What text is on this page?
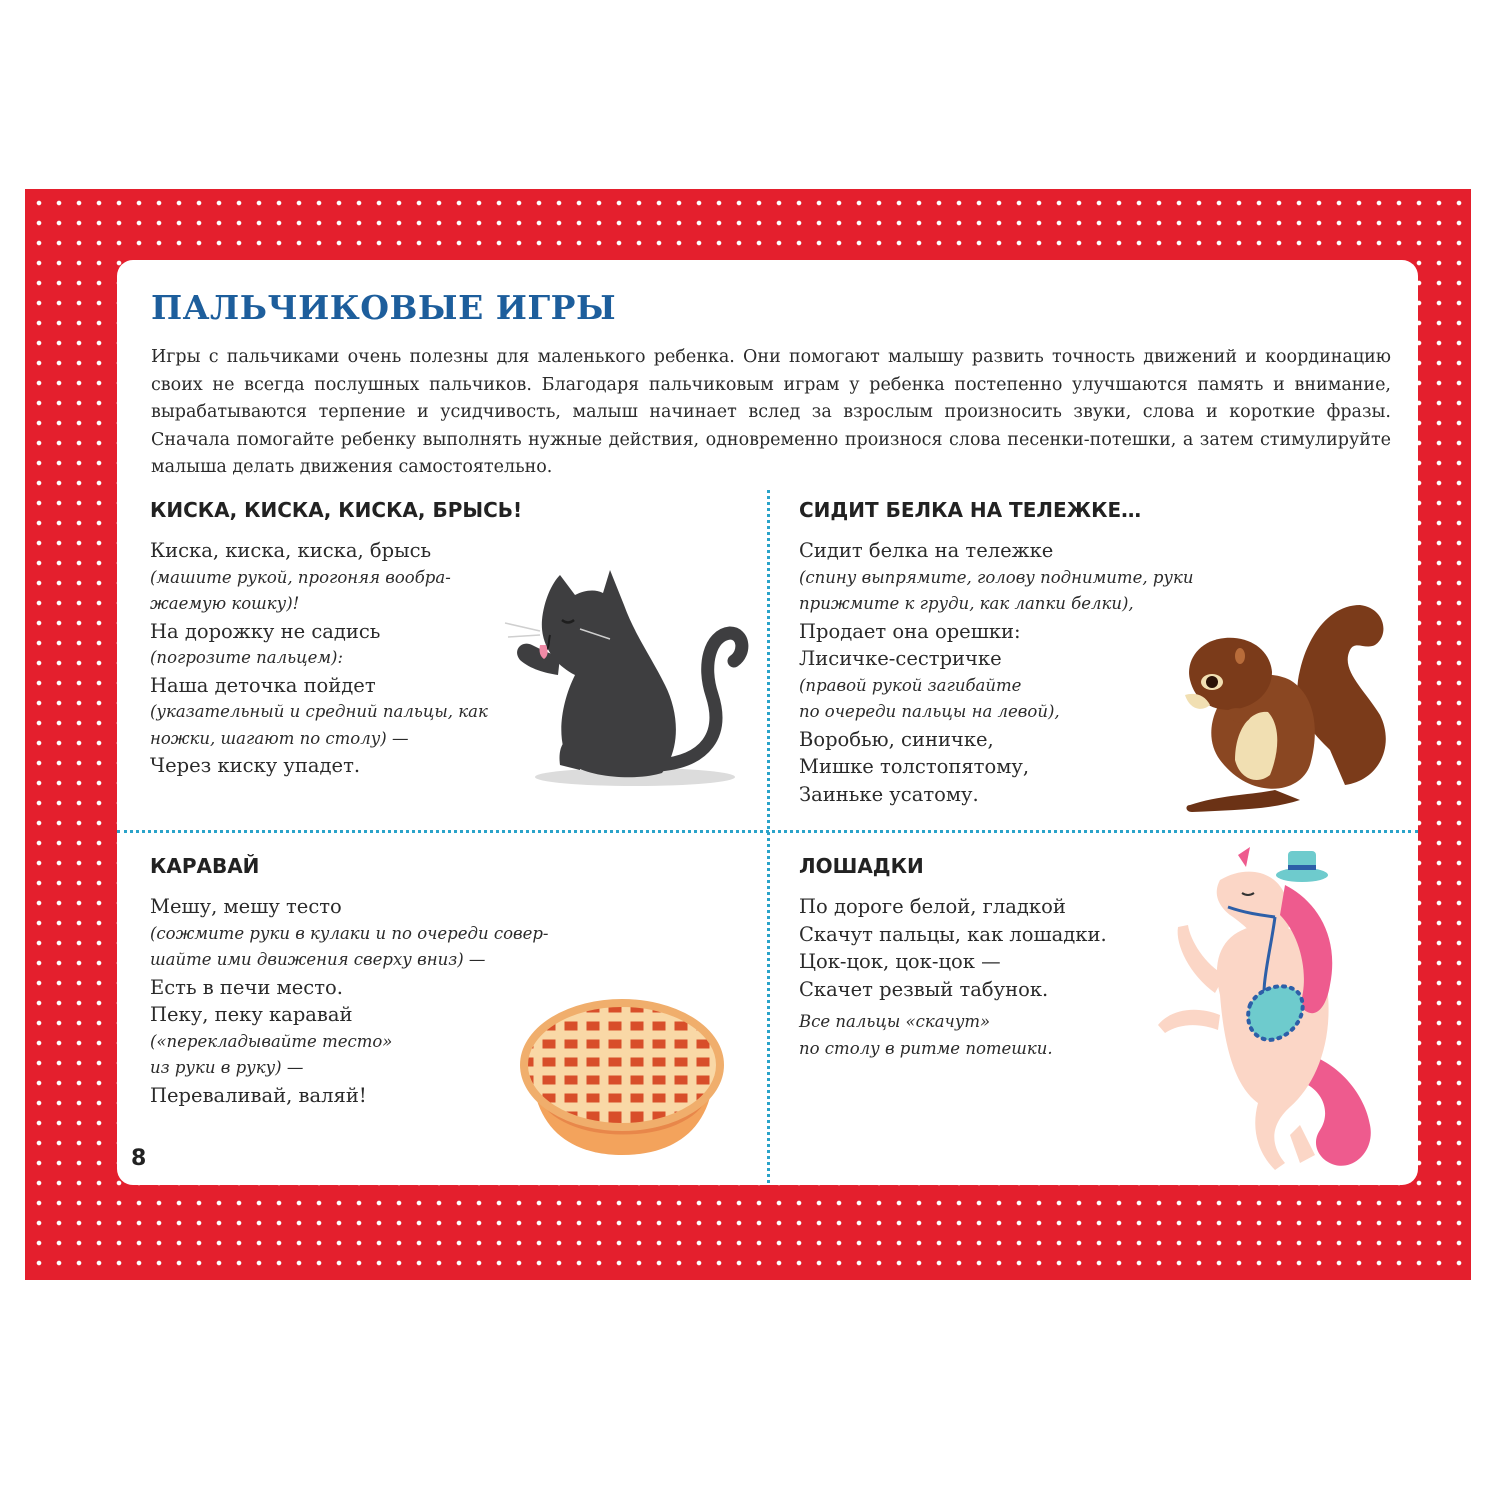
ПАЛЬЧИКОВЫЕ ИГРЫ

Игры с пальчиками очень полезны для маленького ребенка. Они помогают малышу развить точность движений и координацию своих не всегда послушных пальчиков. Благодаря пальчиковым играм у ребенка постепенно улучшаются память и внимание, вырабатываются терпение и усидчивость, малыш начинает вслед за взрослым произносить звуки, слова и короткие фразы. Сначала помогайте ребенку выполнять нужные действия, одновременно произнося слова песенки-потешки, а затем стимулируйте малыша делать движения самостоятельно.

КИСКА, КИСКА, КИСКА, БРЫСЬ!
Киска, киска, киска, брысь
(машите рукой, прогоняя вообра-
жаемую кошку)!
На дорожку не садись
(погрозите пальцем):
Наша деточка пойдет
(указательный и средний пальцы, как
ножки, шагают по столу) —
Через киску упадет.
СИДИТ БЕЛКА НА ТЕЛЕЖКЕ…
Сидит белка на тележке
(спину выпрямите, голову поднимите, руки
прижмите к груди, как лапки белки),
Продает она орешки:
Лисичке-сестричке
(правой рукой загибайте
по очереди пальцы на левой),
Воробью, синичке,
Мишке толстопятому,
Заиньке усатому.
КАРАВАЙ
Мешу, мешу тесто
(сожмите руки в кулаки и по очереди совер-
шайте ими движения сверху вниз) —
Есть в печи место.
Пеку, пеку каравай
(«перекладывайте тесто»
из руки в руку) —
Переваливай, валяй!
ЛОШАДКИ
По дороге белой, гладкой
Скачут пальцы, как лошадки.
Цок-цок, цок-цок —
Скачет резвый табунок.
Все пальцы «скачут»
по столу в ритме потешки.
8
